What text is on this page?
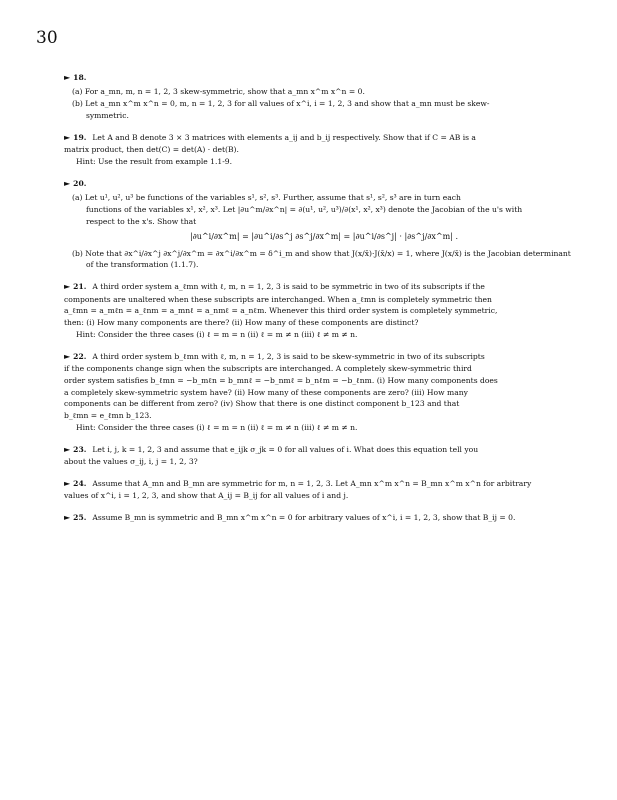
30
► 18.
(a) For a_mn, m, n = 1, 2, 3 skew-symmetric, show that a_mn x^m x^n = 0.
(b) Let a_mn x^m x^n = 0, m, n = 1, 2, 3 for all values of x^i, i = 1, 2, 3 and show that a_mn must be skew-
symmetric.
► 19. Let A and B denote 3 × 3 matrices with elements a_ij and b_ij respectively. Show that if C = AB is a
matrix product, then det(C) = det(A) · det(B).
Hint: Use the result from example 1.1-9.
► 20.
(a) Let u¹, u², u³ be functions of the variables s¹, s², s³. Further, assume that s¹, s², s³ are in turn each
functions of the variables x¹, x², x³. Let |∂u^m/∂x^n| = ∂(u¹, u², u³)/∂(x¹, x², x³) denote the Jacobian of the u's with
respect to the x's. Show that
|∂u^i/∂x^m| = |∂u^i/∂s^j ∂s^j/∂x^m| = |∂u^i/∂s^j| · |∂s^j/∂x^m| .
(b) Note that ∂x^i/∂x^j ∂x^j/∂x^m = ∂x^i/∂x^m = δ^i_m and show that J(x/x̄)·J(x̄/x) = 1, where J(x/x̄) is the Jacobian determinant
of the transformation (1.1.7).
► 21. A third order system a_ℓmn with ℓ, m, n = 1, 2, 3 is said to be symmetric in two of its subscripts if the
components are unaltered when these subscripts are interchanged. When a_ℓmn is completely symmetric then
a_ℓmn = a_mℓn = a_ℓnm = a_mnℓ = a_nmℓ = a_nℓm. Whenever this third order system is completely symmetric,
then: (i) How many components are there? (ii) How many of these components are distinct?
Hint: Consider the three cases (i) ℓ = m = n (ii) ℓ = m ≠ n (iii) ℓ ≠ m ≠ n.
► 22. A third order system b_ℓmn with ℓ, m, n = 1, 2, 3 is said to be skew-symmetric in two of its subscripts
if the components change sign when the subscripts are interchanged. A completely skew-symmetric third
order system satisfies b_ℓmn = −b_mℓn = b_mnℓ = −b_nmℓ = b_nℓm = −b_ℓnm. (i) How many components does
a completely skew-symmetric system have? (ii) How many of these components are zero? (iii) How many
components can be different from zero? (iv) Show that there is one distinct component b_123 and that
b_ℓmn = e_ℓmn b_123.
Hint: Consider the three cases (i) ℓ = m = n (ii) ℓ = m ≠ n (iii) ℓ ≠ m ≠ n.
► 23. Let i, j, k = 1, 2, 3 and assume that e_ijk σ_jk = 0 for all values of i. What does this equation tell you
about the values σ_ij, i, j = 1, 2, 3?
► 24. Assume that A_mn and B_mn are symmetric for m, n = 1, 2, 3. Let A_mn x^m x^n = B_mn x^m x^n for arbitrary
values of x^i, i = 1, 2, 3, and show that A_ij = B_ij for all values of i and j.
► 25. Assume B_mn is symmetric and B_mn x^m x^n = 0 for arbitrary values of x^i, i = 1, 2, 3, show that B_ij = 0.
